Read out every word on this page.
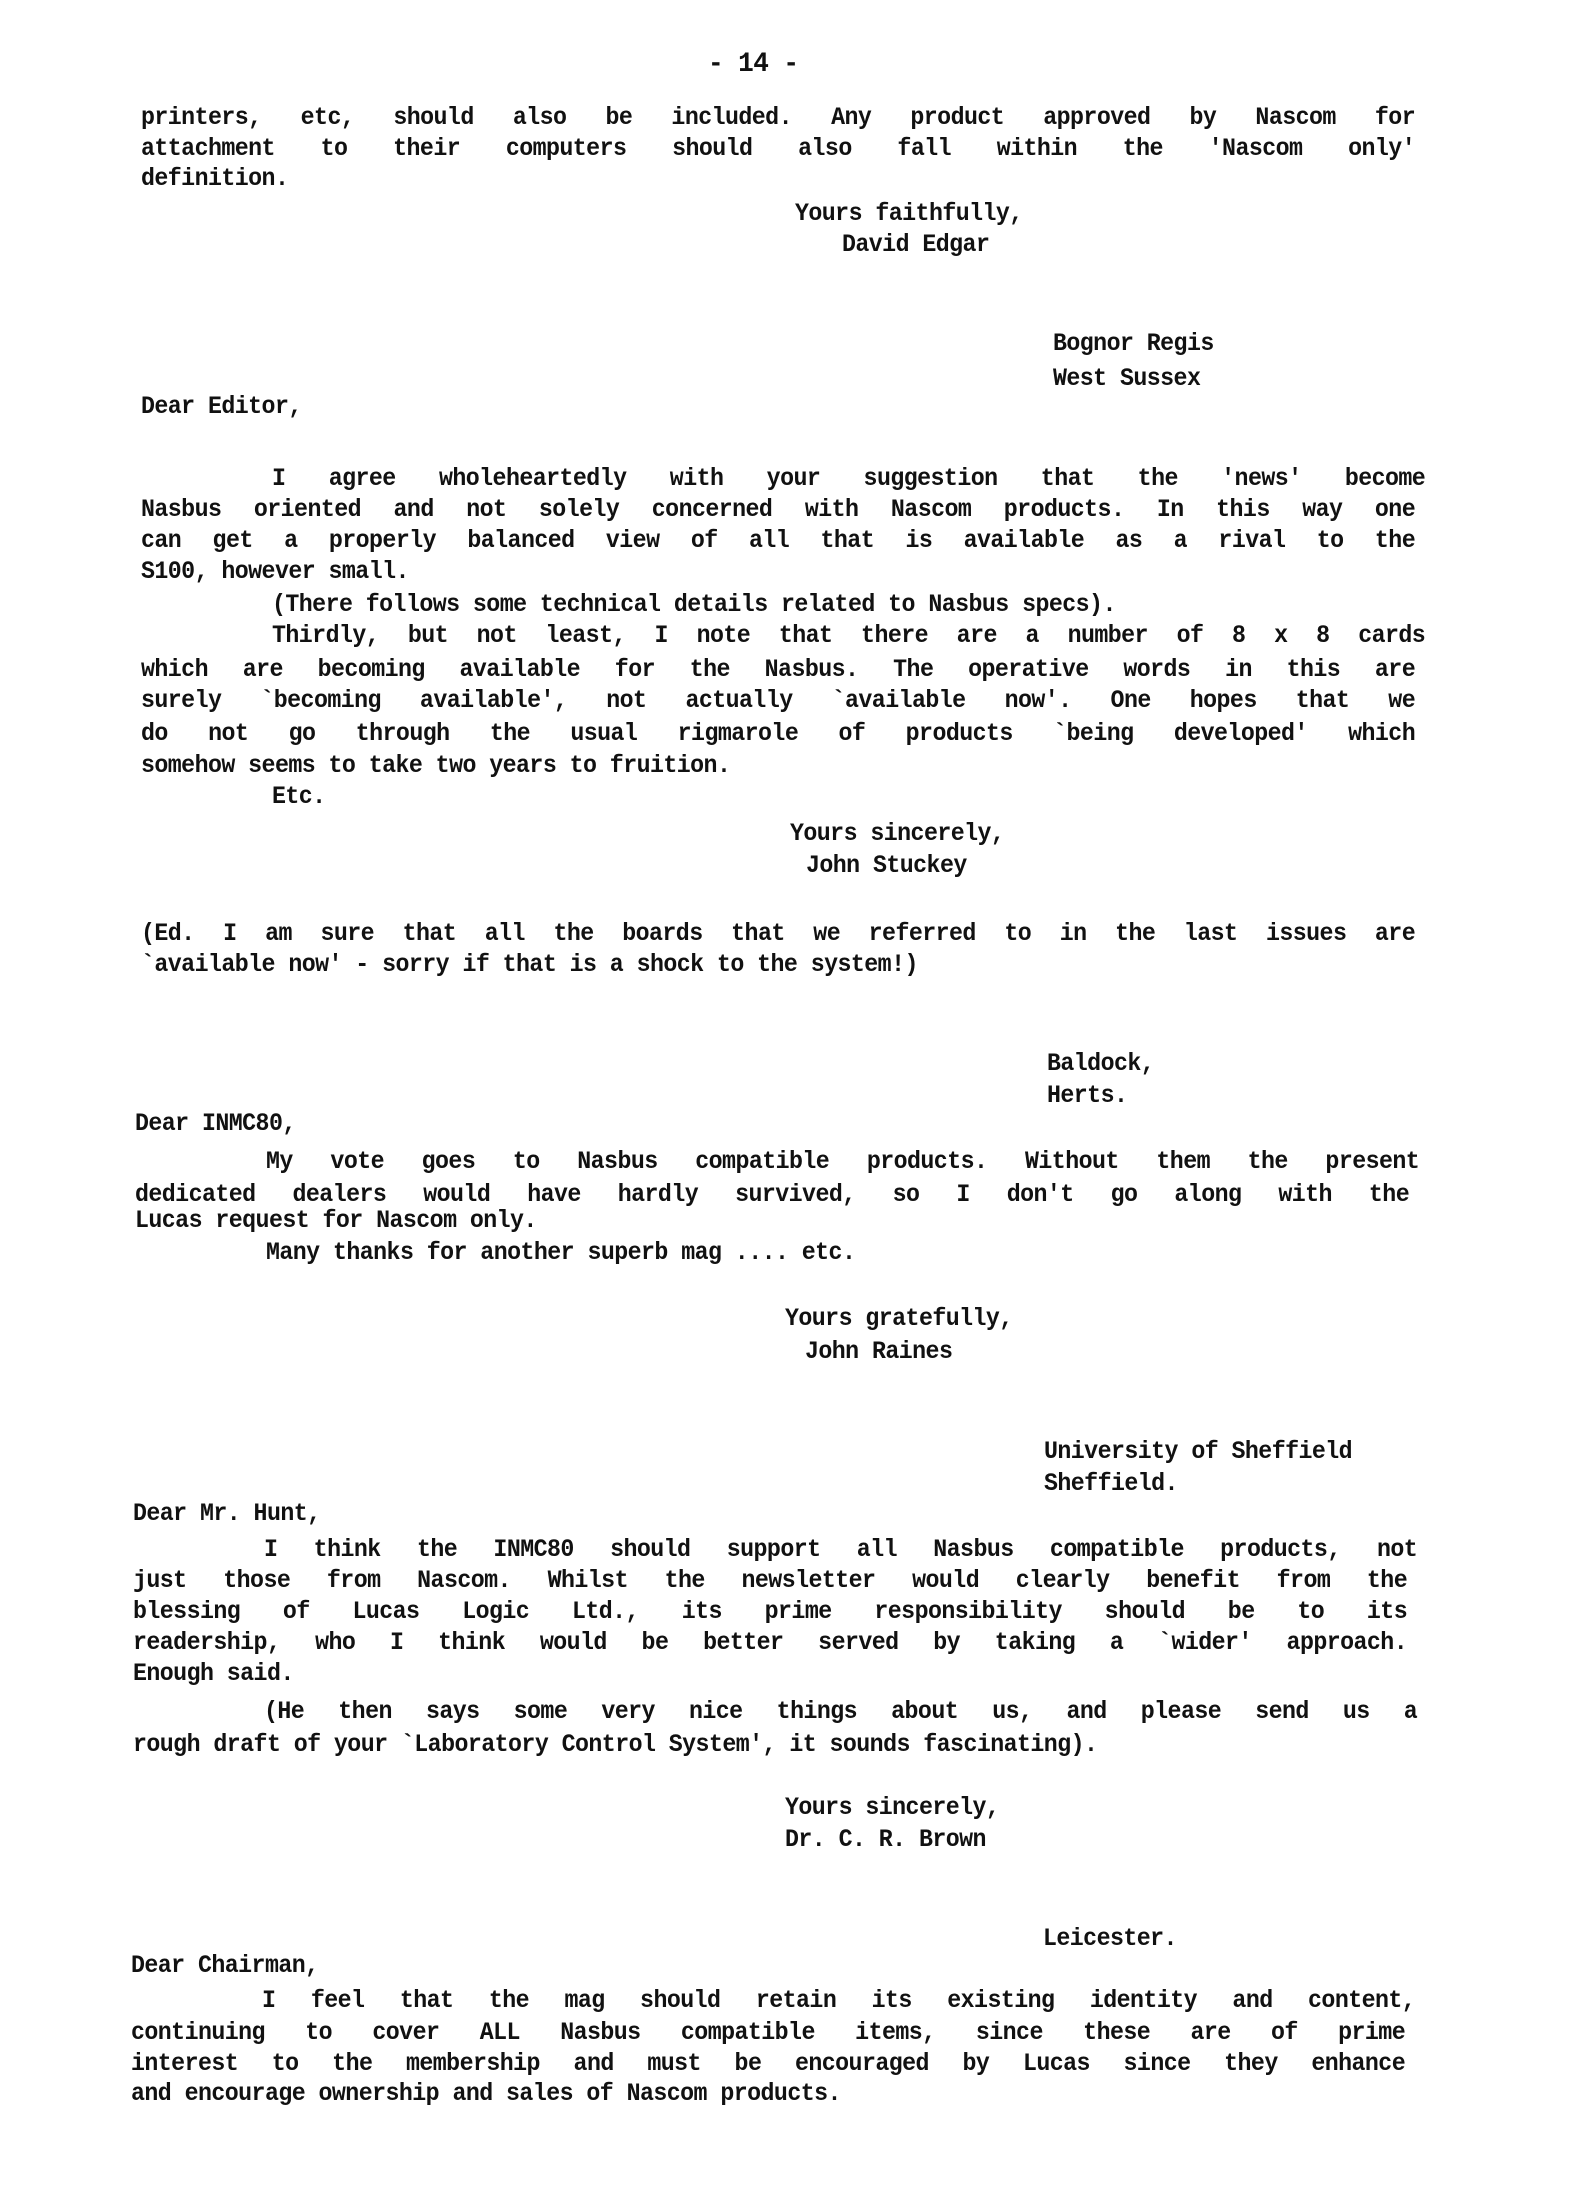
- 14 -
printers, etc, should also be included. Any product approved by Nascom for
attachment to their computers should also fall within the 'Nascom only'
definition.
Yours faithfully,
David Edgar
Bognor Regis
West Sussex
Dear Editor,
I agree wholeheartedly with your suggestion that the 'news' become
Nasbus oriented and not solely concerned with Nascom products. In this way one
can get a properly balanced view of all that is available as a rival to the
S100, however small.
(There follows some technical details related to Nasbus specs).
Thirdly, but not least, I note that there are a number of 8 x 8 cards
which are becoming available for the Nasbus. The operative words in this are
surely `becoming available', not actually `available now'. One hopes that we
do not go through the usual rigmarole of products `being developed' which
somehow seems to take two years to fruition.
Etc.
Yours sincerely,
John Stuckey
(Ed. I am sure that all the boards that we referred to in the last issues are
`available now' - sorry if that is a shock to the system!)
Baldock,
Herts.
Dear INMC80,
My vote goes to Nasbus compatible products. Without them the present
dedicated dealers would have hardly survived, so I don't go along with the
Lucas request for Nascom only.
Many thanks for another superb mag .... etc.
Yours gratefully,
John Raines
University of Sheffield
Sheffield.
Dear Mr. Hunt,
I think the INMC80 should support all Nasbus compatible products, not
just those from Nascom. Whilst the newsletter would clearly benefit from the
blessing of Lucas Logic Ltd., its prime responsibility should be to its
readership, who I think would be better served by taking a `wider' approach.
Enough said.
(He then says some very nice things about us, and please send us a
rough draft of your `Laboratory Control System', it sounds fascinating).
Yours sincerely,
Dr. C. R. Brown
Leicester.
Dear Chairman,
I feel that the mag should retain its existing identity and content,
continuing to cover ALL Nasbus compatible items, since these are of prime
interest to the membership and must be encouraged by Lucas since they enhance
and encourage ownership and sales of Nascom products.
